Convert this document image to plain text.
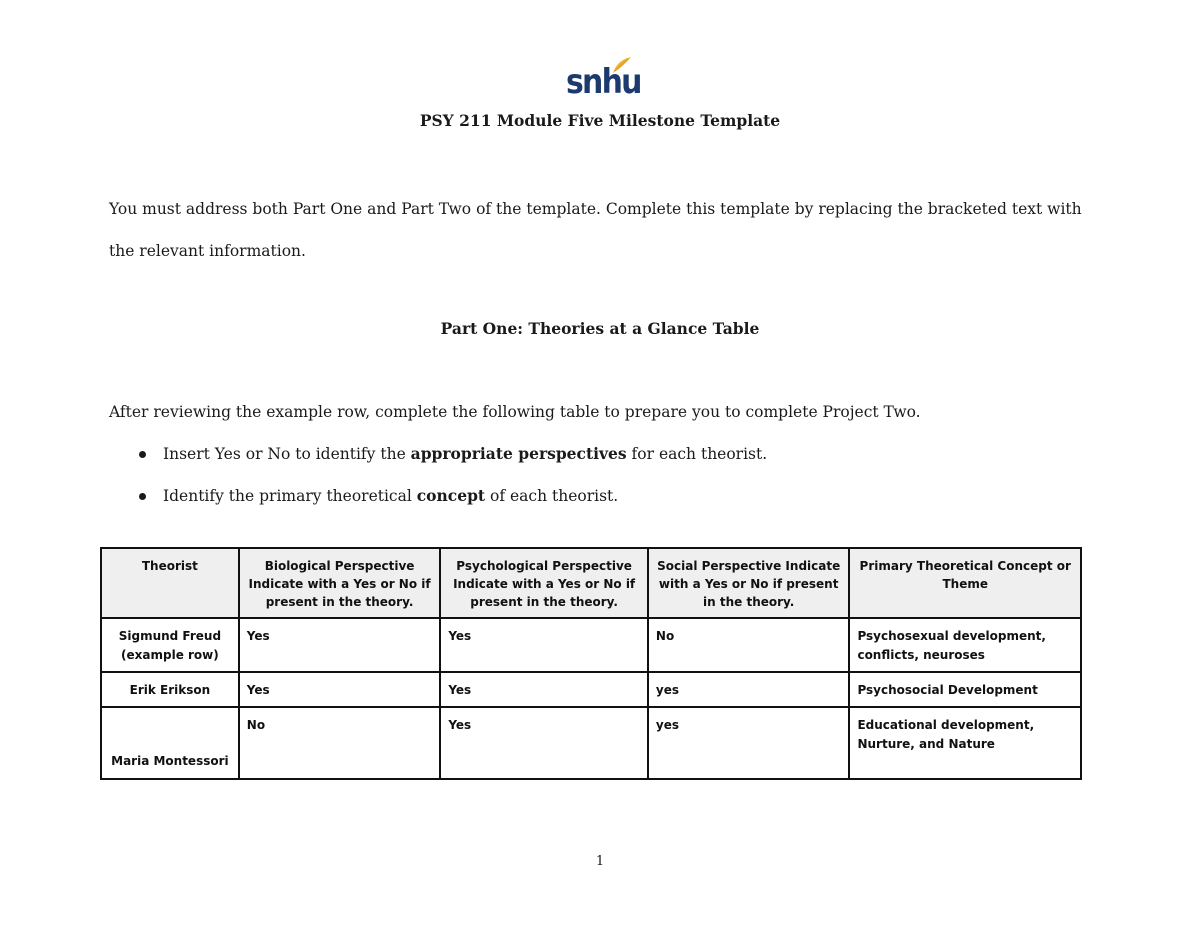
snhu
PSY 211 Module Five Milestone Template
You must address both Part One and Part Two of the template. Complete this template by replacing the bracketed text with the relevant information.
Part One: Theories at a Glance Table
After reviewing the example row, complete the following table to prepare you to complete Project Two.
Insert Yes or No to identify the appropriate perspectives for each theorist.
Identify the primary theoretical concept of each theorist.
Theorist	Biological Perspective Indicate with a Yes or No if present in the theory.	Psychological Perspective Indicate with a Yes or No if present in the theory.	Social Perspective Indicate with a Yes or No if present in the theory.	Primary Theoretical Concept or Theme
Sigmund Freud (example row)	Yes	Yes	No	Psychosexual development, conflicts, neuroses
Erik Erikson	Yes	Yes	yes	Psychosocial Development
Maria Montessori	No	Yes	yes	Educational development, Nurture, and Nature
1
